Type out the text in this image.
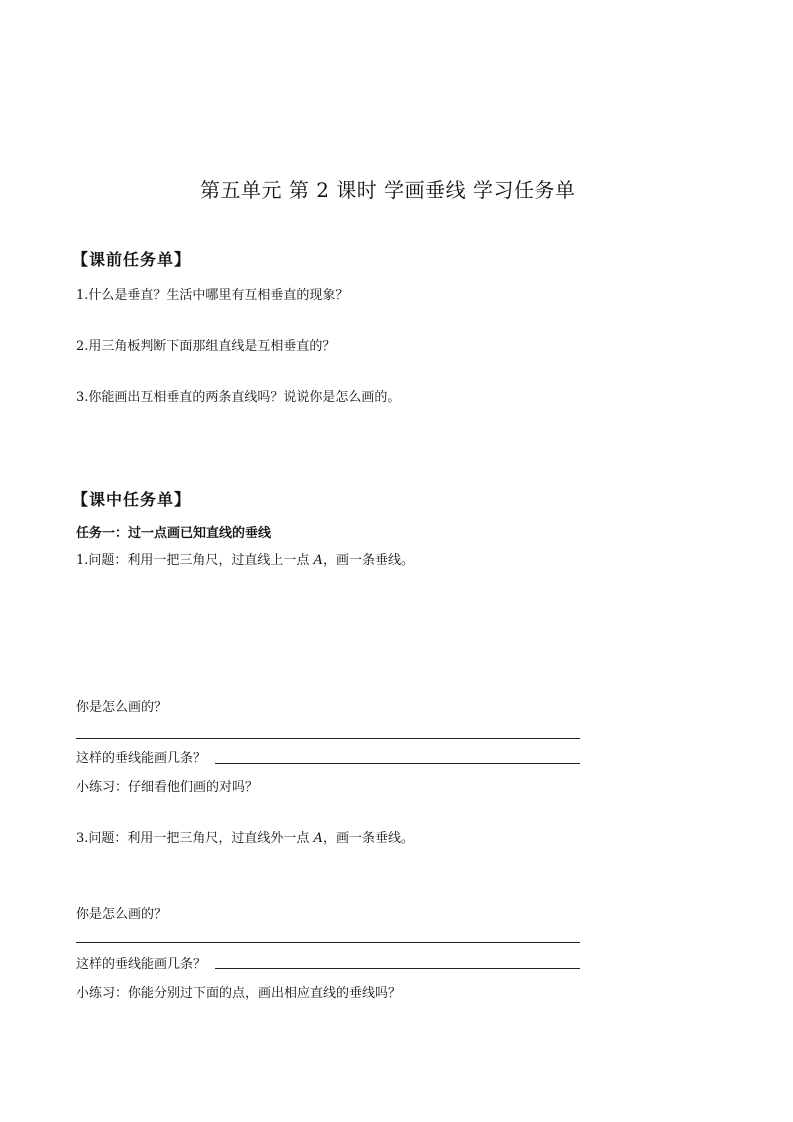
第五单元 第 2 课时 学画垂线 学习任务单
【课前任务单】
1.什么是垂直？生活中哪里有互相垂直的现象？
2.用三角板判断下面那组直线是互相垂直的？
3.你能画出互相垂直的两条直线吗？说说你是怎么画的。
【课中任务单】
任务一：过一点画已知直线的垂线
1.问题：利用一把三角尺，过直线上一点 A，画一条垂线。
你是怎么画的？
这样的垂线能画几条？
小练习：仔细看他们画的对吗？
3.问题：利用一把三角尺，过直线外一点 A，画一条垂线。
你是怎么画的？
这样的垂线能画几条？
小练习：你能分别过下面的点，画出相应直线的垂线吗？
